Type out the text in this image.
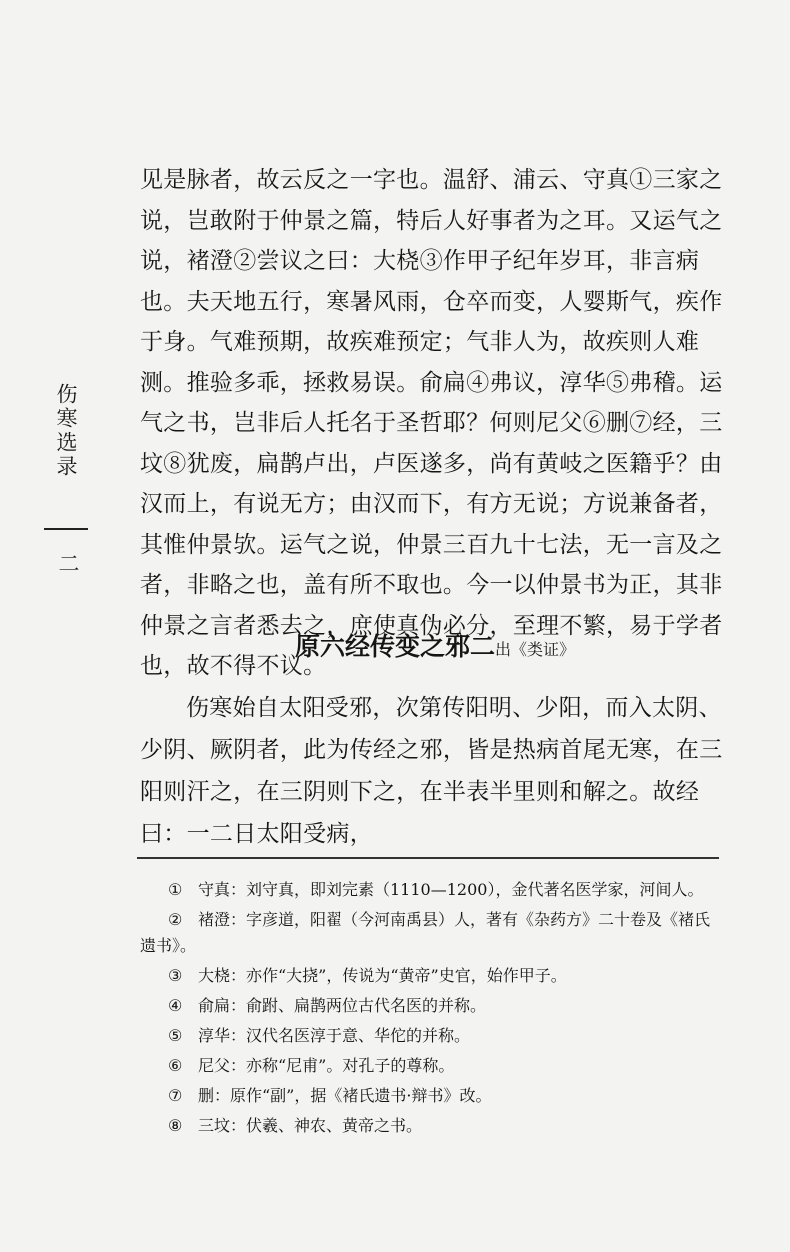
见是脉者，故云反之一字也。温舒、浦云、守真①三家之说，岂敢附于仲景之篇，特后人好事者为之耳。又运气之说，褚澄②尝议之曰：大桡③作甲子纪年岁耳，非言病也。夫天地五行，寒暑风雨，仓卒而变，人婴斯气，疾作于身。气难预期，故疾难预定；气非人为，故疾则人难测。推验多乖，拯救易误。俞扁④弗议，淳华⑤弗稽。运气之书，岂非后人托名于圣哲耶？何则尼父⑥删⑦经，三坟⑧犹废，扁鹊卢出，卢医遂多，尚有黄岐之医籍乎？由汉而上，有说无方；由汉而下，有方无说；方说兼备者，其惟仲景欤。运气之说，仲景三百九十七法，无一言及之者，非略之也，盖有所不取也。今一以仲景书为正，其非仲景之言者悉去之，庶使真伪必分，至理不繁，易于学者也，故不得不议。

伤寒选录
二
原六经传变之邪二出《类证》

伤寒始自太阳受邪，次第传阳明、少阳，而入太阴、少阴、厥阴者，此为传经之邪，皆是热病首尾无寒，在三阳则汗之，在三阴则下之，在半表半里则和解之。故经曰：一二日太阳受病，

① 守真：刘守真，即刘完素（1110—1200），金代著名医学家，河间人。
② 褚澄：字彦道，阳翟（今河南禹县）人，著有《杂药方》二十卷及《褚氏遗书》。
③ 大桡：亦作“大挠”，传说为“黄帝”史官，始作甲子。
④ 俞扁：俞跗、扁鹊两位古代名医的并称。
⑤ 淳华：汉代名医淳于意、华佗的并称。
⑥ 尼父：亦称“尼甫”。对孔子的尊称。
⑦ 删：原作“副”，据《褚氏遗书·辩书》改。
⑧ 三坟：伏羲、神农、黄帝之书。
